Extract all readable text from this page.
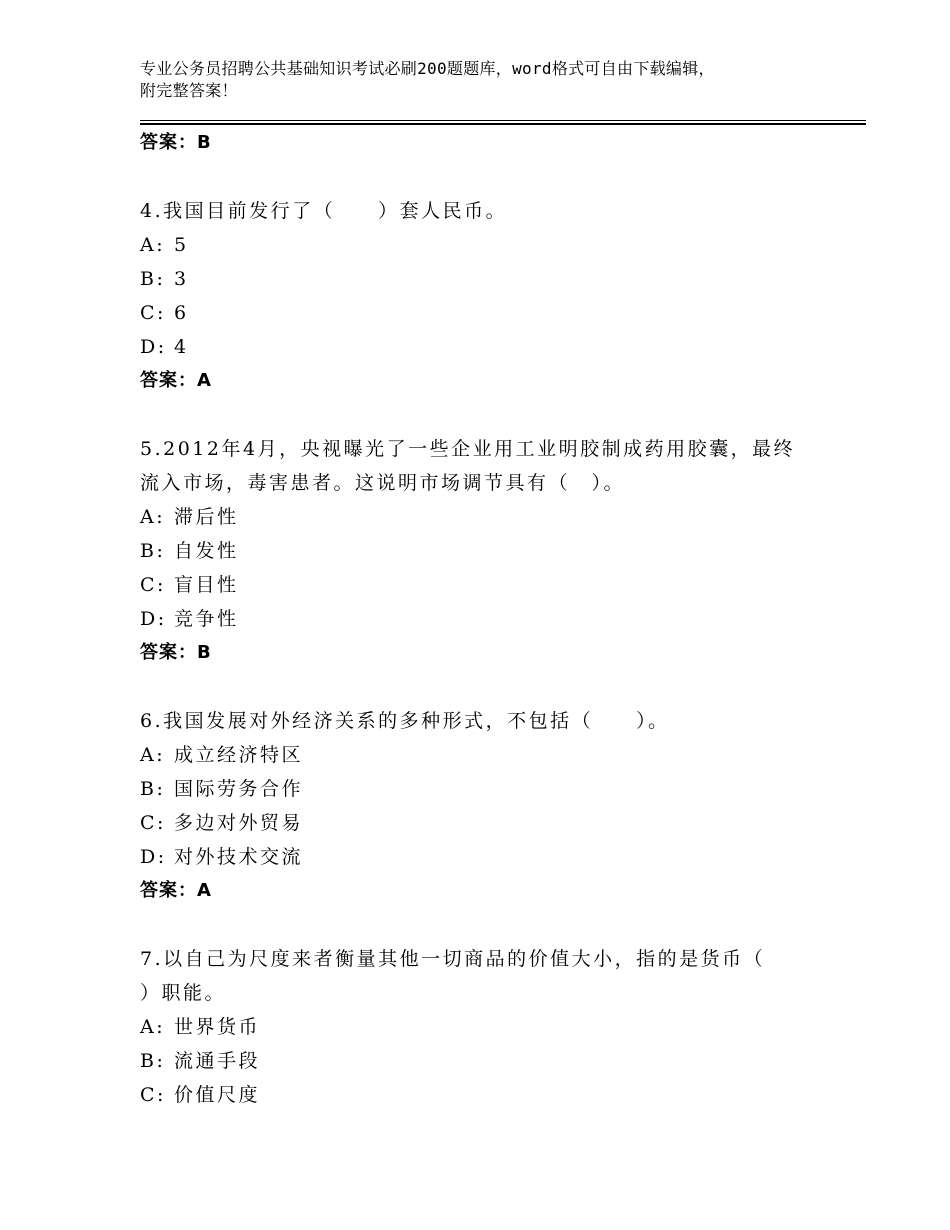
专业公务员招聘公共基础知识考试必刷200题题库，word格式可自由下载编辑，
附完整答案！
答案：B
4.我国目前发行了（　　）套人民币。
A: 5
B: 3
C: 6
D: 4
答案：A
5.2012年4月，央视曝光了一些企业用工业明胶制成药用胶囊，最终
流入市场，毒害患者。这说明市场调节具有（　）。
A: 滞后性
B: 自发性
C: 盲目性
D: 竞争性
答案：B
6.我国发展对外经济关系的多种形式，不包括（　　）。
A: 成立经济特区
B: 国际劳务合作
C: 多边对外贸易
D: 对外技术交流
答案：A
7.以自己为尺度来者衡量其他一切商品的价值大小，指的是货币（
）职能。
A: 世界货币
B: 流通手段
C: 价值尺度
